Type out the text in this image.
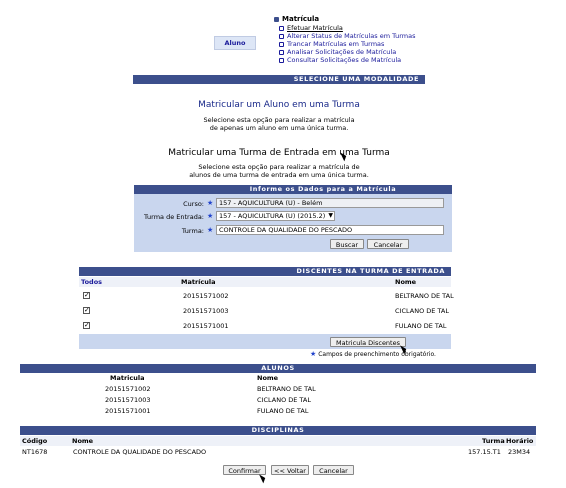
Aluno
Matrícula
Efetuar Matrícula
Alterar Status de Matrículas em Turmas
Trancar Matrículas em Turmas
Analisar Solicitações de Matrícula
Consultar Solicitações de Matrícula
SELECIONE UMA MODALIDADE
Matricular um Aluno em uma Turma
Selecione esta opção para realizar a matrícula
de apenas um aluno em uma única turma.
Matricular uma Turma de Entrada em uma Turma
Selecione esta opção para realizar a matrícula de
alunos de uma turma de entrada em uma única turma.
Informe os Dados para a Matrícula
Curso: ★ 157 - AQUICULTURA (U) - Belém
Turma de Entrada: ★ 157 - AQUICULTURA (U) (2015.2) ▼
Turma: ★ CONTROLE DA QUALIDADE DO PESCADO
Buscar	Cancelar
DISCENTES NA TURMA DE ENTRADA
Todos	Matrícula	Nome
✓	20151571002	BELTRANO DE TAL
✓	20151571003	CICLANO DE TAL
✓	20151571001	FULANO DE TAL
Matricula Discentes
★ Campos de preenchimento obrigatório.
ALUNOS
Matricula	Nome
20151571002	BELTRANO DE TAL
20151571003	CICLANO DE TAL
20151571001	FULANO DE TAL
DISCIPLINAS
Código	Nome	Turma Horário
NT1678	CONTROLE DA QUALIDADE DO PESCADO	157.15.T1 23M34
Confirmar	<< Voltar	Cancelar
